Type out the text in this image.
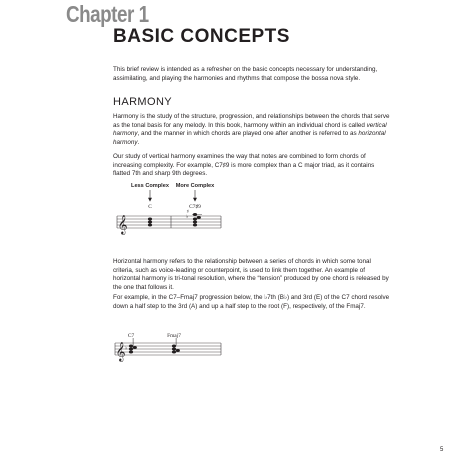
Chapter 1
BASIC CONCEPTS

This brief review is intended as a refresher on the basic concepts necessary for understanding, assimilating, and playing the harmonies and rhythms that compose the bossa nova style.

HARMONY

Harmony is the study of the structure, progression, and relationships between the chords that serve as the tonal basis for any melody. In this book, harmony within an individual chord is called vertical harmony, and the manner in which chords are played one after another is referred to as horizontal harmony.

Our study of vertical harmony examines the way that notes are combined to form chords of increasing complexity. For example, C7♯9 is more complex than a C major triad, as it contains flatted 7th and sharp 9th degrees.

Less Complex More Complex
C	C7♯9
𝄞	♭
♯

Horizontal harmony refers to the relationship between a series of chords in which some tonal criteria, such as voice-leading or counterpoint, is used to link them together. An example of horizontal harmony is tri-tonal resolution, where the “tension” produced by one chord is released by the one that follows it.

For example, in the C7–Fmaj7 progression below, the ♭7th (B♭) and 3rd (E) of the C7 chord resolve down a half step to the 3rd (A) and up a half step to the root (F), respectively, of the Fmaj7.

C7	Fmaj7
𝄞 ♭
5
